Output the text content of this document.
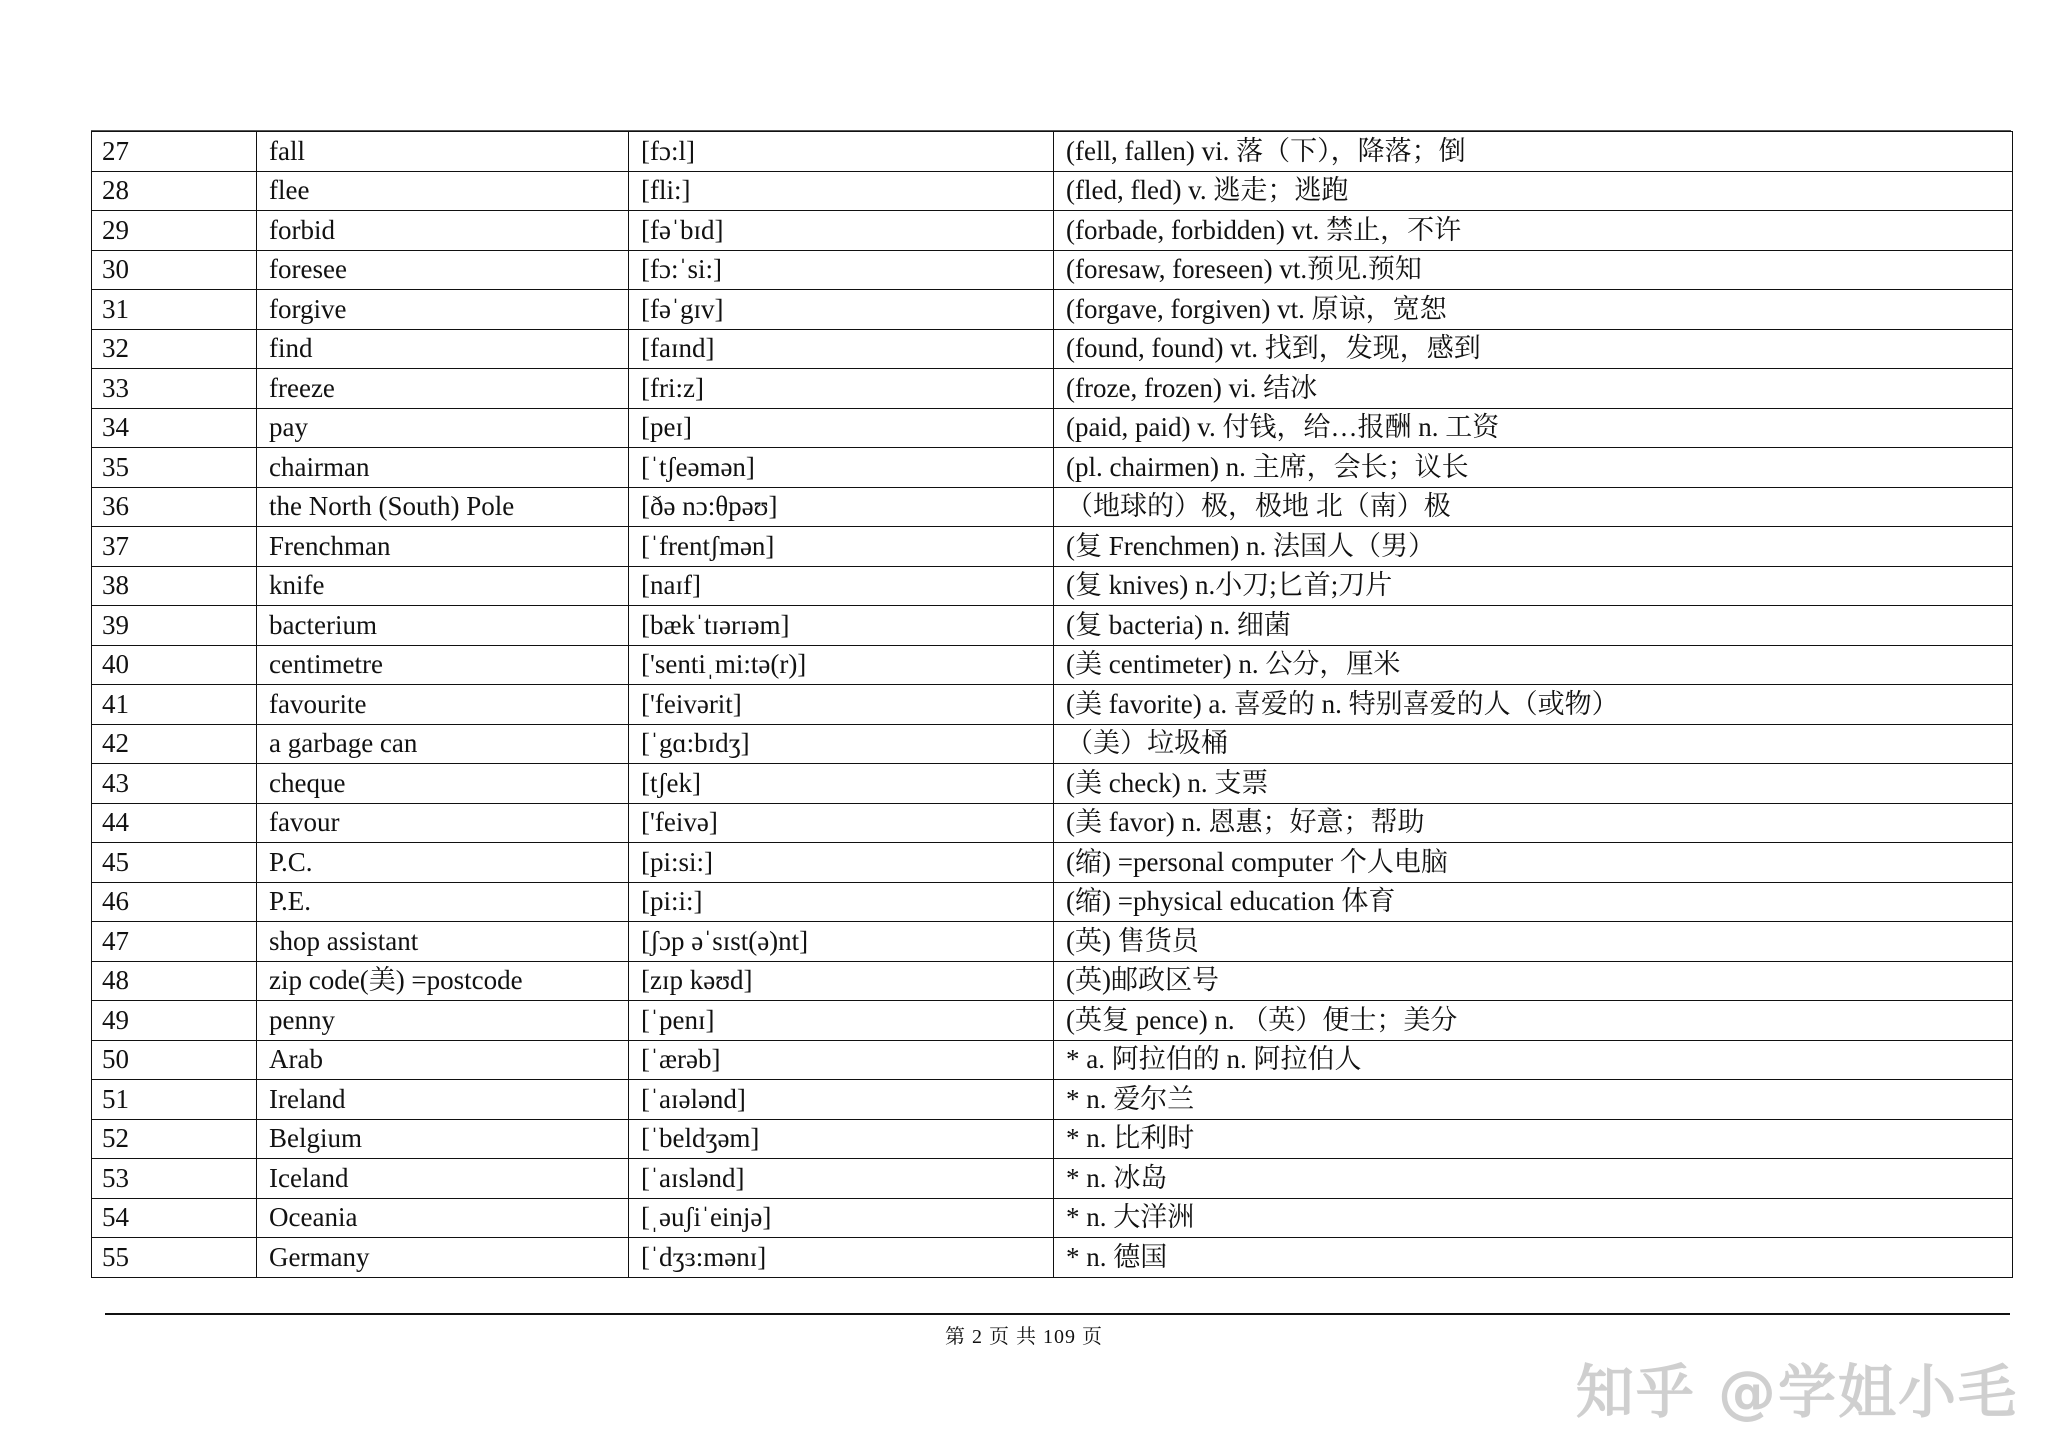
27	fall	[fɔ:l]	(fell, fallen) vi. 落（下），降落；倒
28	flee	[fli:]	(fled, fled) v. 逃走；逃跑
29	forbid	[fəˈbɪd]	(forbade, forbidden) vt. 禁止，不许
30	foresee	[fɔ:ˈsi:]	(foresaw, foreseen) vt.预见.预知
31	forgive	[fəˈgɪv]	(forgave, forgiven) vt. 原谅，宽恕
32	find	[faɪnd]	(found, found) vt. 找到，发现，感到
33	freeze	[fri:z]	(froze, frozen) vi. 结冰
34	pay	[peɪ]	(paid, paid) v. 付钱，给…报酬 n. 工资
35	chairman	[ˈtʃeəmən]	(pl. chairmen) n. 主席，会长；议长
36	the North (South) Pole	[ðə nɔ:θpəʊ]	（地球的）极，极地 北（南）极
37	Frenchman	[ˈfrentʃmən]	(复 Frenchmen) n. 法国人（男）
38	knife	[naɪf]	(复 knives) n.小刀;匕首;刀片
39	bacterium	[bækˈtɪərɪəm]	(复 bacteria) n. 细菌
40	centimetre	['sentiˌmi:tə(r)]	(美 centimeter) n. 公分，厘米
41	favourite	['feivərit]	(美 favorite) a. 喜爱的 n. 特别喜爱的人（或物）
42	a garbage can	[ˈgɑ:bɪdʒ]	（美）垃圾桶
43	cheque	[tʃek]	(美 check) n. 支票
44	favour	['feivə]	(美 favor) n. 恩惠；好意；帮助
45	P.C.	[pi:si:]	(缩) =personal computer 个人电脑
46	P.E.	[pi:i:]	(缩) =physical education 体育
47	shop assistant	[ʃɔp əˈsɪst(ə)nt]	(英) 售货员
48	zip code(美) =postcode	[zɪp kəʊd]	(英)邮政区号
49	penny	[ˈpenɪ]	(英复 pence) n. （英）便士；美分
50	Arab	[ˈærəb]	* a. 阿拉伯的 n. 阿拉伯人
51	Ireland	[ˈaɪələnd]	* n. 爱尔兰
52	Belgium	[ˈbeldʒəm]	* n. 比利时
53	Iceland	[ˈaɪslənd]	* n. 冰岛
54	Oceania	[ˌəuʃiˈeinjə]	* n. 大洋洲
55	Germany	[ˈdʒɜ:mənɪ]	* n. 德国
第 2 页 共 109 页
知乎 @学姐小毛
